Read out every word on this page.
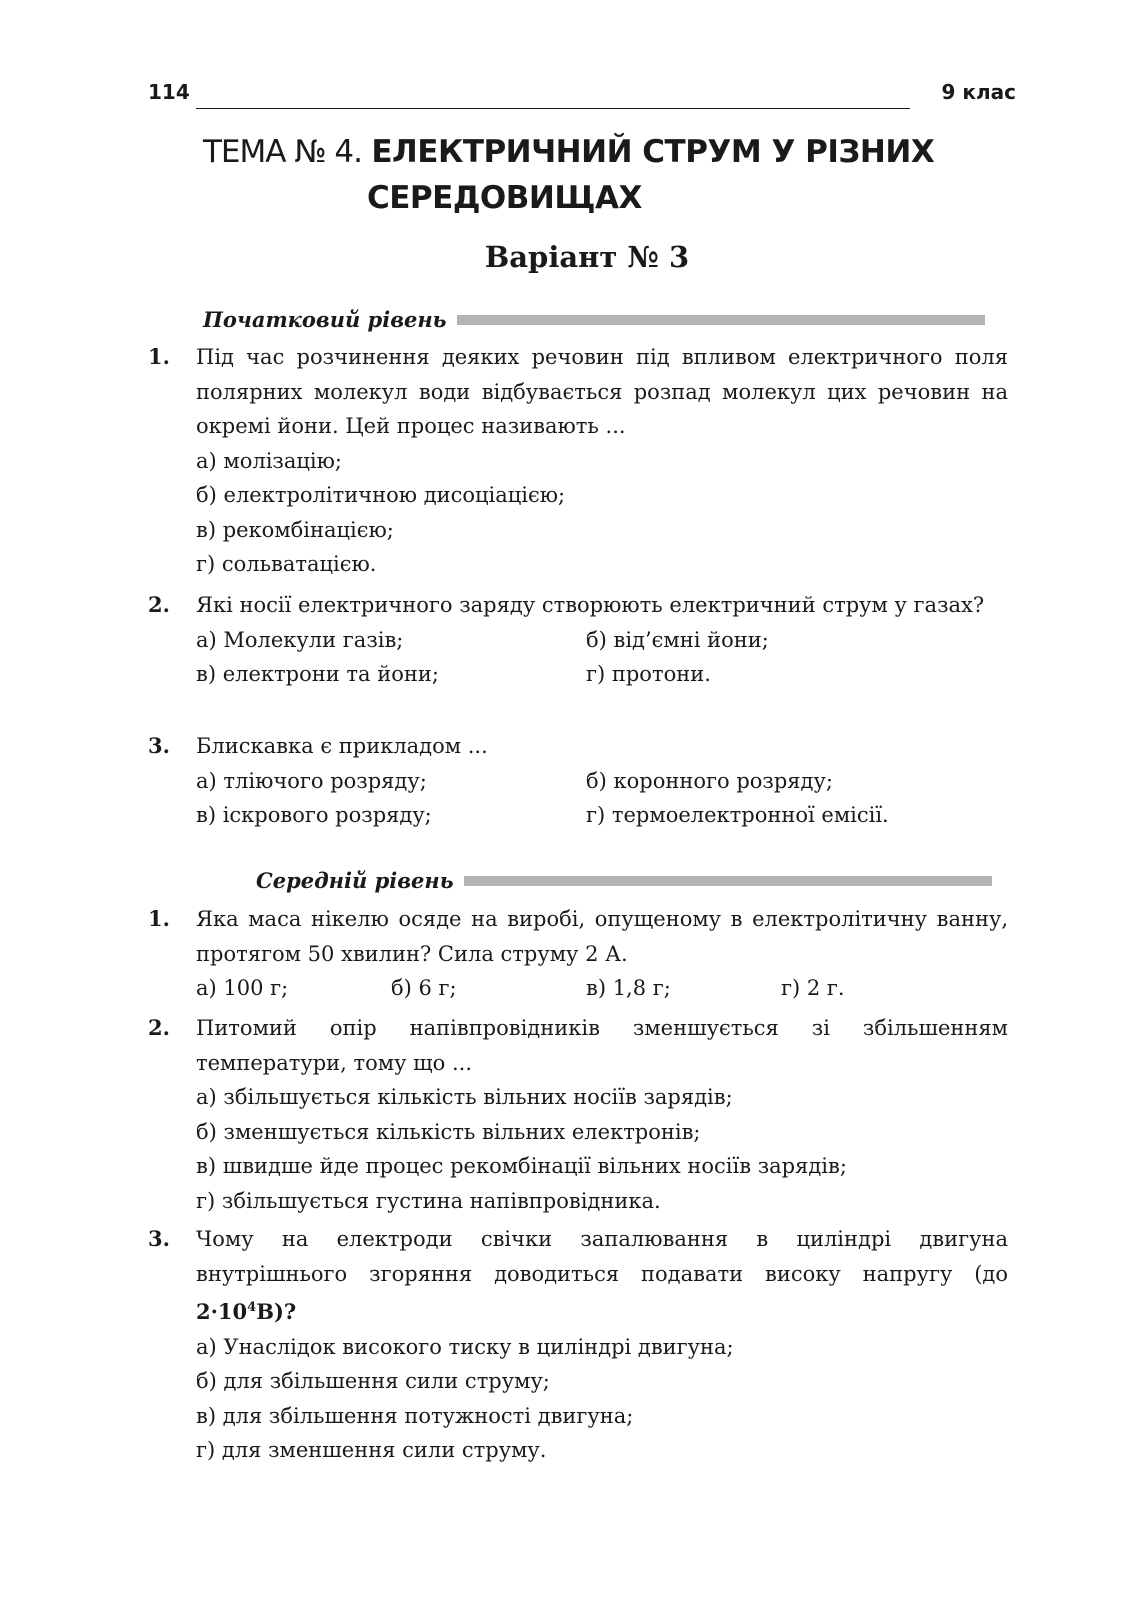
114	9 клас
ТЕМА № 4. ЕЛЕКТРИЧНИЙ СТРУМ У РІЗНИХ
СЕРЕДОВИЩАХ
Варіант № 3
Початковий рівень
1.	Під час розчинення деяких речовин під впливом електричного поля полярних молекул води відбувається розпад молекул цих речовин на окремі йони. Цей процес називають ...
а) молізацію;
б) електролітичною дисоціацією;
в) рекомбінацією;
г) сольватацією.
2.	Які носії електричного заряду створюють електричний струм у газах?
а) Молекули газів;	б) від’ємні йони;
в) електрони та йони;	г) протони.
3.	Блискавка є прикладом ...
а) тліючого розряду;	б) коронного розряду;
в) іскрового розряду;	г) термоелектронної емісії.
Середній рівень
1.	Яка маса нікелю осяде на виробі, опущеному в електролітичну ванну, протягом 50 хвилин? Сила струму 2 А.
а) 100 г;	б) 6 г;	в) 1,8 г;	г) 2 г.
2.	Питомий опір напівпровідників зменшується зі збільшенням температури, тому що ...
а) збільшується кількість вільних носіїв зарядів;
б) зменшується кількість вільних електронів;
в) швидше йде процес рекомбінації вільних носіїв зарядів;
г) збільшується густина напівпровідника.
3.	Чому на електроди свічки запалювання в циліндрі двигуна внутрішнього згоряння доводиться подавати високу напругу (до $2\cdot 10^4В$)?
а) Унаслідок високого тиску в циліндрі двигуна;
б) для збільшення сили струму;
в) для збільшення потужності двигуна;
г) для зменшення сили струму.
